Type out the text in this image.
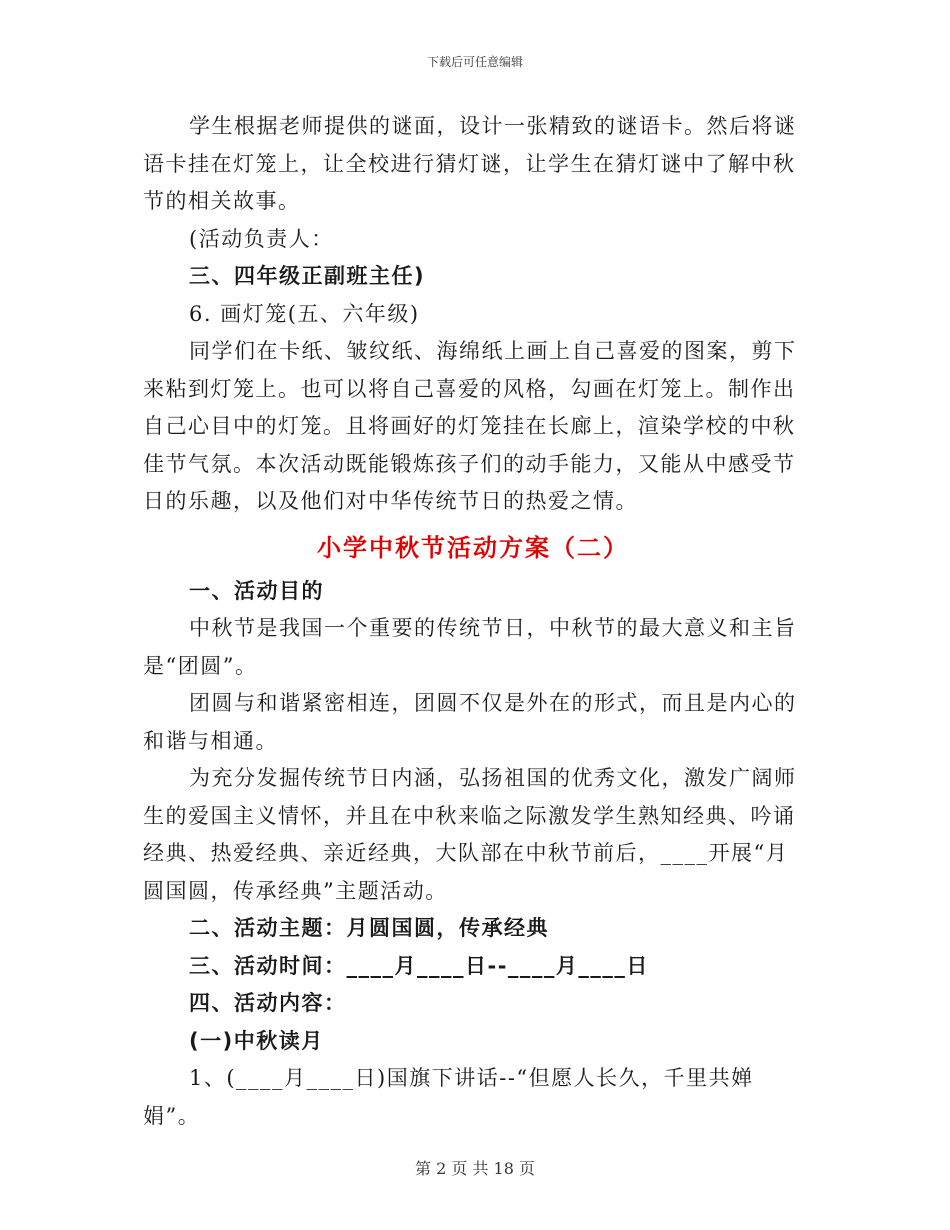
下载后可任意编辑

学生根据老师提供的谜面，设计一张精致的谜语卡。然后将谜语卡挂在灯笼上，让全校进行猜灯谜，让学生在猜灯谜中了解中秋节的相关故事。

(活动负责人：

三、四年级正副班主任)

6. 画灯笼(五、六年级)

同学们在卡纸、皱纹纸、海绵纸上画上自己喜爱的图案，剪下来粘到灯笼上。也可以将自己喜爱的风格，勾画在灯笼上。制作出自己心目中的灯笼。且将画好的灯笼挂在长廊上，渲染学校的中秋佳节气氛。本次活动既能锻炼孩子们的动手能力，又能从中感受节日的乐趣，以及他们对中华传统节日的热爱之情。

小学中秋节活动方案（二）

一、活动目的

中秋节是我国一个重要的传统节日，中秋节的最大意义和主旨是“团圆”。

团圆与和谐紧密相连，团圆不仅是外在的形式，而且是内心的和谐与相通。

为充分发掘传统节日内涵，弘扬祖国的优秀文化，激发广阔师生的爱国主义情怀，并且在中秋来临之际激发学生熟知经典、吟诵经典、热爱经典、亲近经典，大队部在中秋节前后，____开展“月圆国圆，传承经典”主题活动。

二、活动主题：月圆国圆，传承经典

三、活动时间：____月____日--____月____日

四、活动内容：

(一)中秋读月

1、(____月____日)国旗下讲话--“但愿人长久，千里共婵娟”。

第 2 页 共 18 页
